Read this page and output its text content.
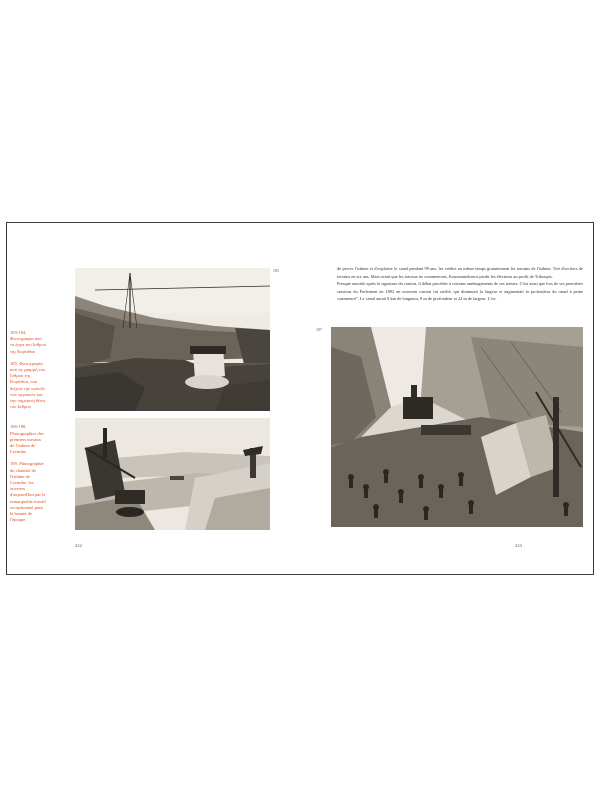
183-184. Φωτογραφία από τα έργα του Ισθμού της Κορίνθου

185. Φωτογραφία από τη γραμμή του Ισθμού της Κορίνθου, που δείχνει την πρόοδο των εργασιών και την σημερινή θέση του Ισθμού

186-188. Photographies des premiers travaux de l'isthme de Corinthe

189. Photographie du chantier de l'isthme de Corinthe, les ouvriers d'aujourd'hui par le remarquable travail exceptionnel pour la beauté de l'époque

183
222

de percer l'isthme et d'exploiter le canal pendant 99 ans, les crédits en même temps gratuitement les terrains de l'isthme. Tiré d'un tiers de terrains en six ans. Mais avant que les travaux ne commencent, Koumoundouros perdit les élections au profit de Trikoupis.

Presque aussitôt après la signature du contrat, il débat procéder à certains aménagements de ses termes. C'est ainsi que lors de ses premières sessions du Parlement en 1882 un nouveau contrat fut ratifié, qui diminuait la largeur et augmentait la profondeur du canal à peine commencé". Le canal aurait 8 km de longueur, 8 m de profondeur et 22 m de largeur. L'ex-

187
223
